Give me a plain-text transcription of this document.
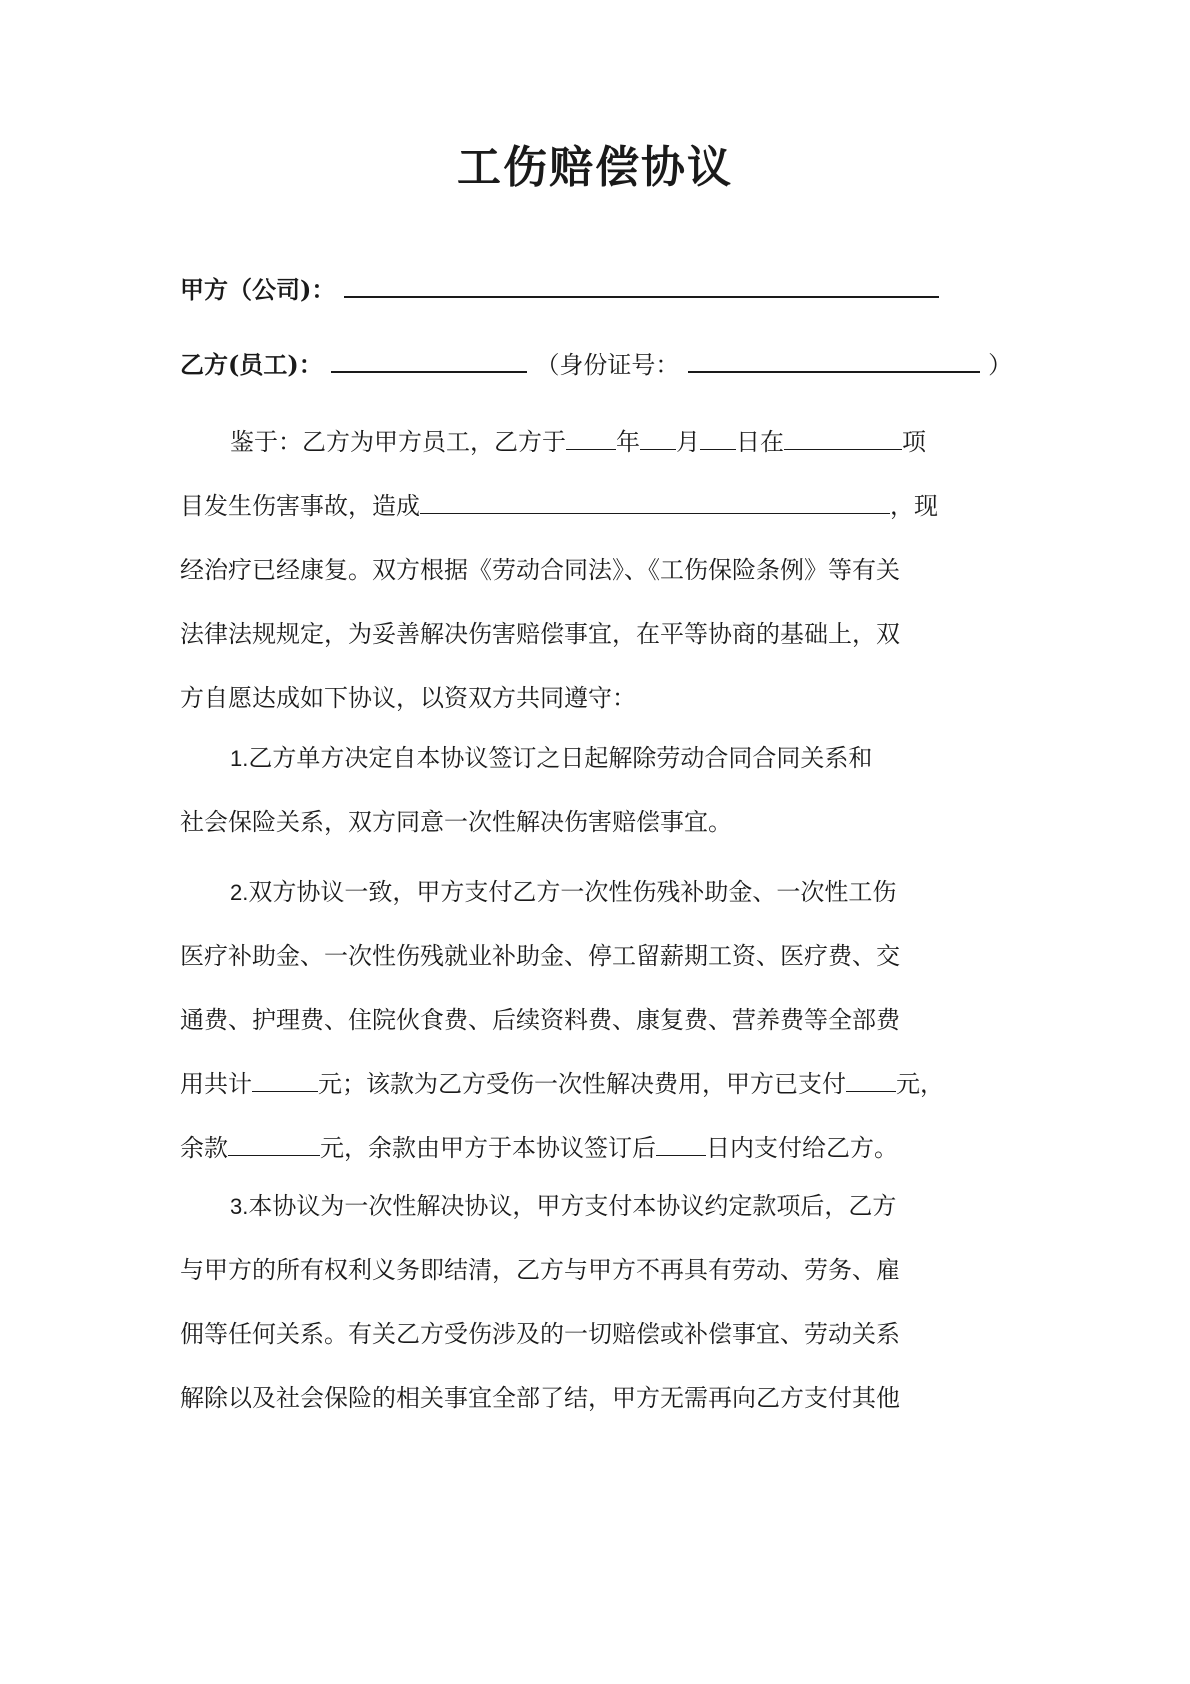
工伤赔偿协议
甲方（公司)：
乙方(员工)：	（身份证号：	）
鉴于：乙方为甲方员工，乙方于 年 月 日在	项
目发生伤害事故，造成	，现
经治疗已经康复。双方根据《劳动合同法》、《工伤保险条例》等有关
法律法规规定，为妥善解决伤害赔偿事宜，在平等协商的基础上，双
方自愿达成如下协议，以资双方共同遵守：
1.乙方单方决定自本协议签订之日起解除劳动合同合同关系和
社会保险关系，双方同意一次性解决伤害赔偿事宜。
2.双方协议一致，甲方支付乙方一次性伤残补助金、一次性工伤
医疗补助金、一次性伤残就业补助金、停工留薪期工资、医疗费、交
通费、护理费、住院伙食费、后续资料费、康复费、营养费等全部费
用共计	元；该款为乙方受伤一次性解决费用，甲方已支付 元，
余款	元，余款由甲方于本协议签订后 日内支付给乙方。
3.本协议为一次性解决协议，甲方支付本协议约定款项后，乙方
与甲方的所有权利义务即结清，乙方与甲方不再具有劳动、劳务、雇
佣等任何关系。有关乙方受伤涉及的一切赔偿或补偿事宜、劳动关系
解除以及社会保险的相关事宜全部了结，甲方无需再向乙方支付其他
